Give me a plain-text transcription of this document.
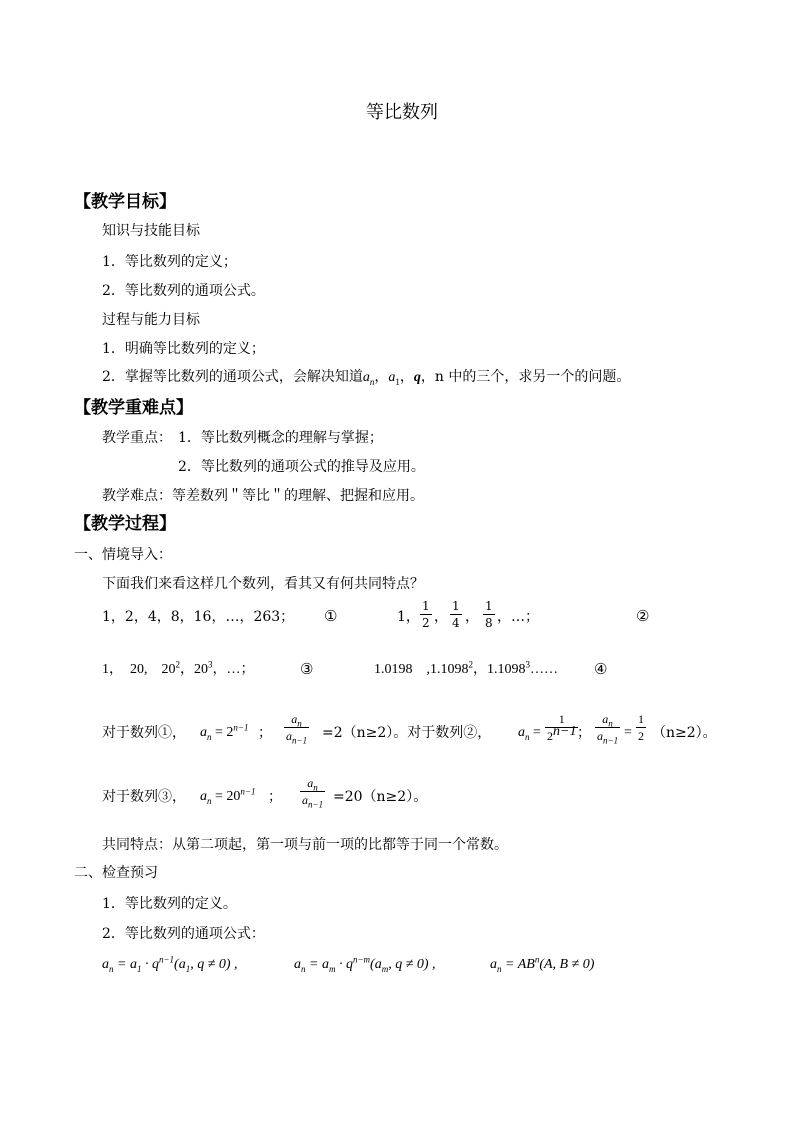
等比数列
【教学目标】
知识与技能目标
1．等比数列的定义；
2．等比数列的通项公式。
过程与能力目标
1．明确等比数列的定义；
2．掌握等比数列的通项公式，会解决知道$a_n$，$a_1$，q，n 中的三个，求另一个的问题。
【教学重难点】
教学重点： 1．等比数列概念的理解与掌握；
2．等比数列的通项公式的推导及应用。
教学难点：等差数列＂等比＂的理解、把握和应用。
【教学过程】
一、情境导入：
下面我们来看这样几个数列，看其又有何共同特点？
1，2，4，8，16，…，263； ①	1，
1
2 ，
1
4 ，
1
8 ，…；	②
1，　20,　$20^2$，$20^3$，…；	③	1.0198　,1.1098$^2$，1.1098$^3$…… ④
对于数列①， $a_n = 2^{n-1}$ ；
$a_n$
$a_{n-1} =2(n\ge 2)$。对于数列②， $a_n$ =
1
$2^{n-1}$ ；
$a_n$
$a_{n-1}$
=
1
2 （n≥2）。
对于数列③， $a_n = 20^{n-1}$ ；
$a_n$
$a_{n-1} =20(n\ge 2)$。
共同特点：从第二项起，第一项与前一项的比都等于同一个常数。
二、检查预习
1．等比数列的定义。
2．等比数列的通项公式：
$a_n = a_1 \cdot q^{n-1}(a_1$, q ≠ 0) ,	$a_n = a_m \cdot q^{n-m}(a_m$, q ≠ 0) ,	$a_n = AB^n(A$, B ≠ 0)
